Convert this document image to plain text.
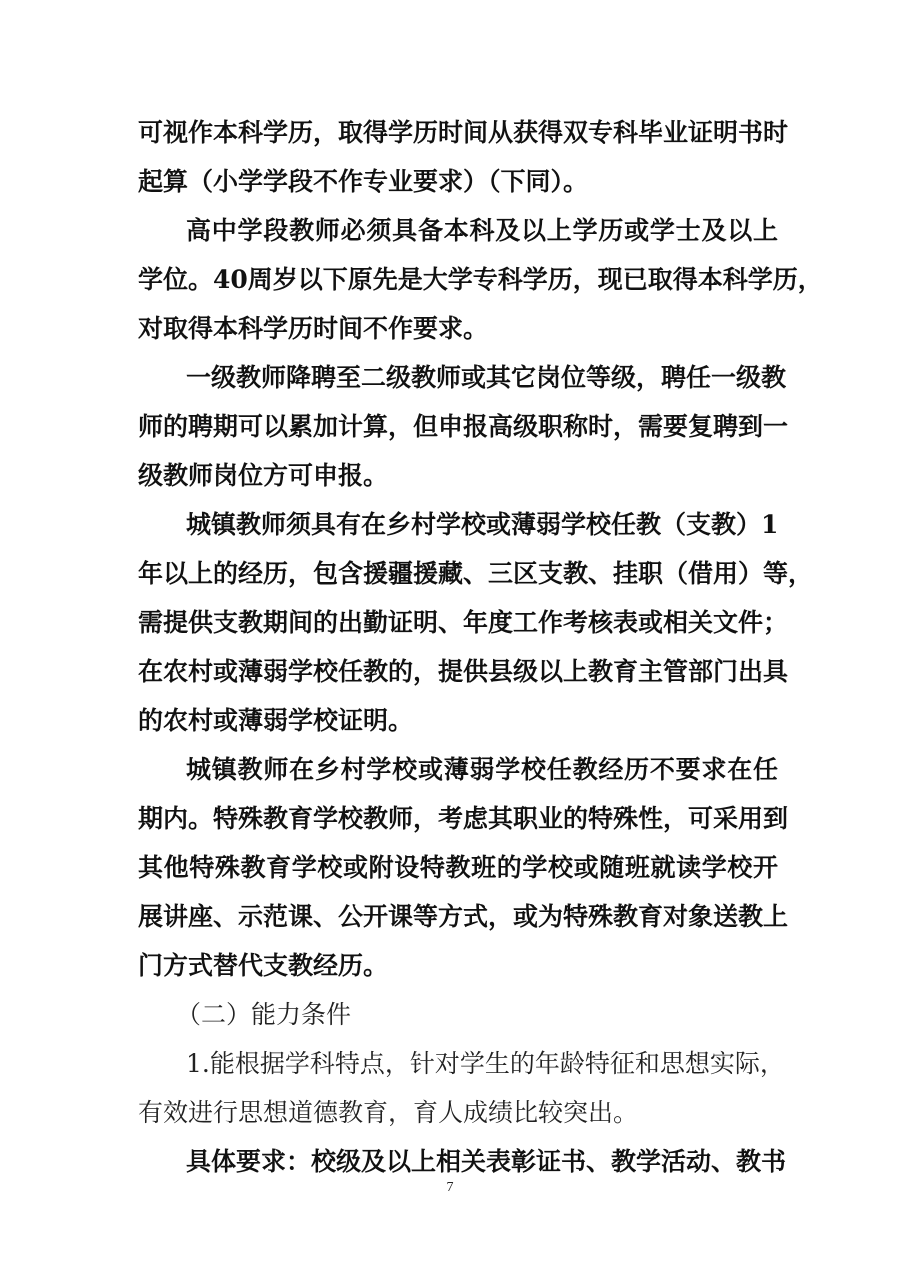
可视作本科学历，取得学历时间从获得双专科毕业证明书时
起算（小学学段不作专业要求）（下同）。
高中学段教师必须具备本科及以上学历或学士及以上
学位。40周岁以下原先是大学专科学历，现已取得本科学历，
对取得本科学历时间不作要求。
一级教师降聘至二级教师或其它岗位等级，聘任一级教
师的聘期可以累加计算，但申报高级职称时，需要复聘到一
级教师岗位方可申报。
城镇教师须具有在乡村学校或薄弱学校任教（支教）1
年以上的经历，包含援疆援藏、三区支教、挂职（借用）等，
需提供支教期间的出勤证明、年度工作考核表或相关文件；
在农村或薄弱学校任教的，提供县级以上教育主管部门出具
的农村或薄弱学校证明。
城镇教师在乡村学校或薄弱学校任教经历不要求在任
期内。特殊教育学校教师，考虑其职业的特殊性，可采用到
其他特殊教育学校或附设特教班的学校或随班就读学校开
展讲座、示范课、公开课等方式，或为特殊教育对象送教上
门方式替代支教经历。
（二）能力条件
1.能根据学科特点，针对学生的年龄特征和思想实际，
有效进行思想道德教育，育人成绩比较突出。
具体要求：校级及以上相关表彰证书、教学活动、教书
7
